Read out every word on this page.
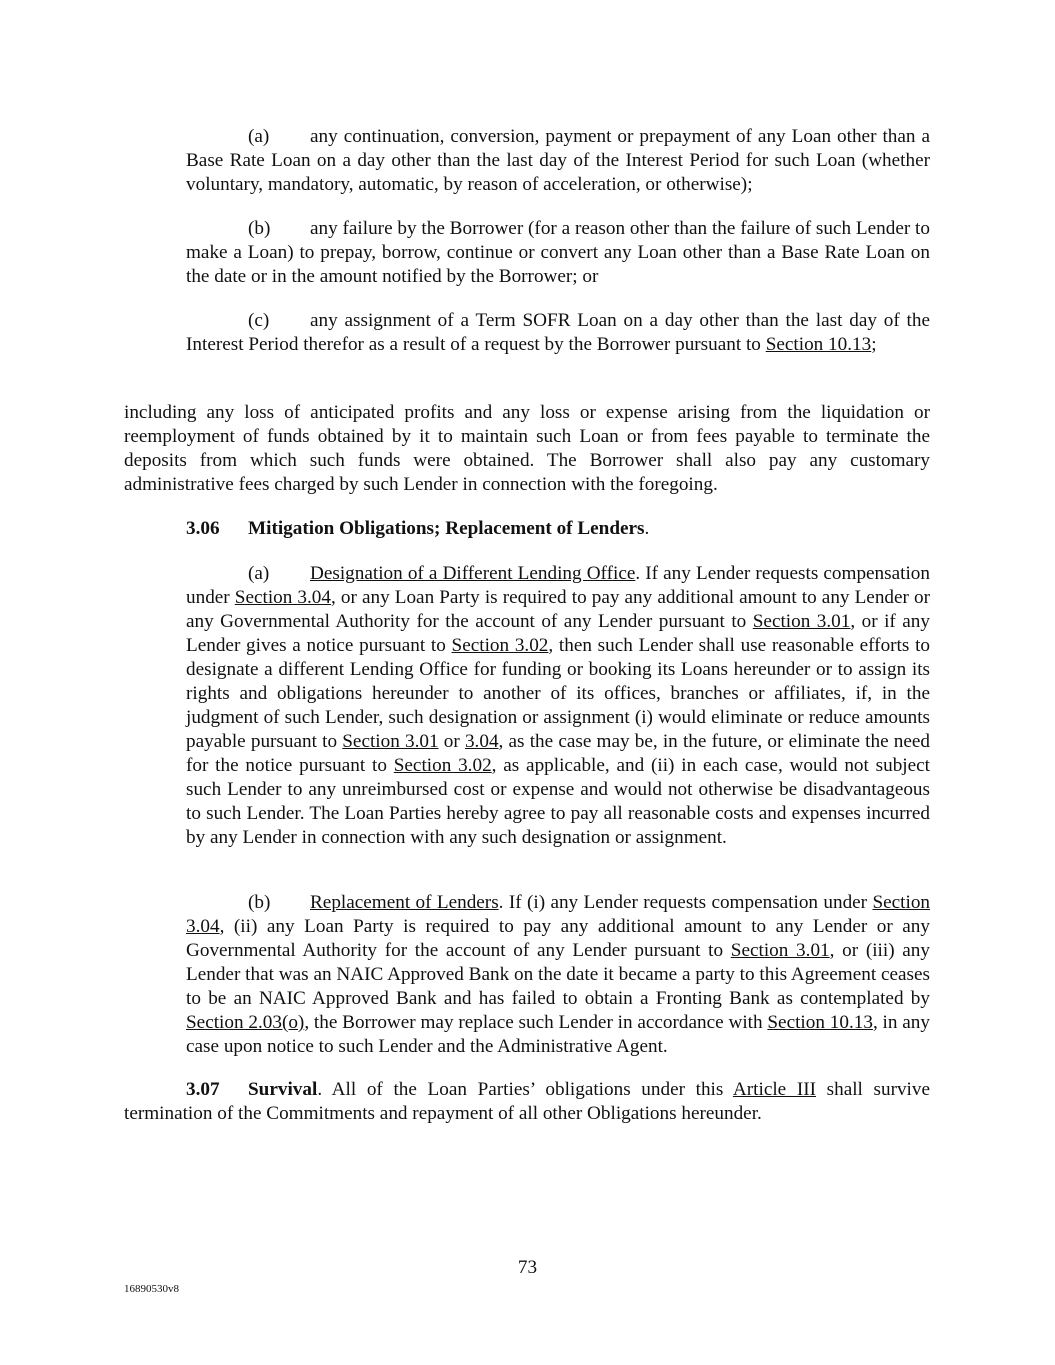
(a) any continuation, conversion, payment or prepayment of any Loan other than a Base Rate Loan on a day other than the last day of the Interest Period for such Loan (whether voluntary, mandatory, automatic, by reason of acceleration, or otherwise);

(b) any failure by the Borrower (for a reason other than the failure of such Lender to make a Loan) to prepay, borrow, continue or convert any Loan other than a Base Rate Loan on the date or in the amount notified by the Borrower; or

(c) any assignment of a Term SOFR Loan on a day other than the last day of the Interest Period therefor as a result of a request by the Borrower pursuant to Section 10.13;

including any loss of anticipated profits and any loss or expense arising from the liquidation or reemployment of funds obtained by it to maintain such Loan or from fees payable to terminate the deposits from which such funds were obtained. The Borrower shall also pay any customary administrative fees charged by such Lender in connection with the foregoing.

3.06 Mitigation Obligations; Replacement of Lenders.

(a) Designation of a Different Lending Office. If any Lender requests compensation under Section 3.04, or any Loan Party is required to pay any additional amount to any Lender or any Governmental Authority for the account of any Lender pursuant to Section 3.01, or if any Lender gives a notice pursuant to Section 3.02, then such Lender shall use reasonable efforts to designate a different Lending Office for funding or booking its Loans hereunder or to assign its rights and obligations hereunder to another of its offices, branches or affiliates, if, in the judgment of such Lender, such designation or assignment (i) would eliminate or reduce amounts payable pursuant to Section 3.01 or 3.04, as the case may be, in the future, or eliminate the need for the notice pursuant to Section 3.02, as applicable, and (ii) in each case, would not subject such Lender to any unreimbursed cost or expense and would not otherwise be disadvantageous to such Lender. The Loan Parties hereby agree to pay all reasonable costs and expenses incurred by any Lender in connection with any such designation or assignment.

(b) Replacement of Lenders. If (i) any Lender requests compensation under Section 3.04, (ii) any Loan Party is required to pay any additional amount to any Lender or any Governmental Authority for the account of any Lender pursuant to Section 3.01, or (iii) any Lender that was an NAIC Approved Bank on the date it became a party to this Agreement ceases to be an NAIC Approved Bank and has failed to obtain a Fronting Bank as contemplated by Section 2.03(o), the Borrower may replace such Lender in accordance with Section 10.13, in any case upon notice to such Lender and the Administrative Agent.

3.07 Survival. All of the Loan Parties’ obligations under this Article III shall survive termination of the Commitments and repayment of all other Obligations hereunder.

73
16890530v8
